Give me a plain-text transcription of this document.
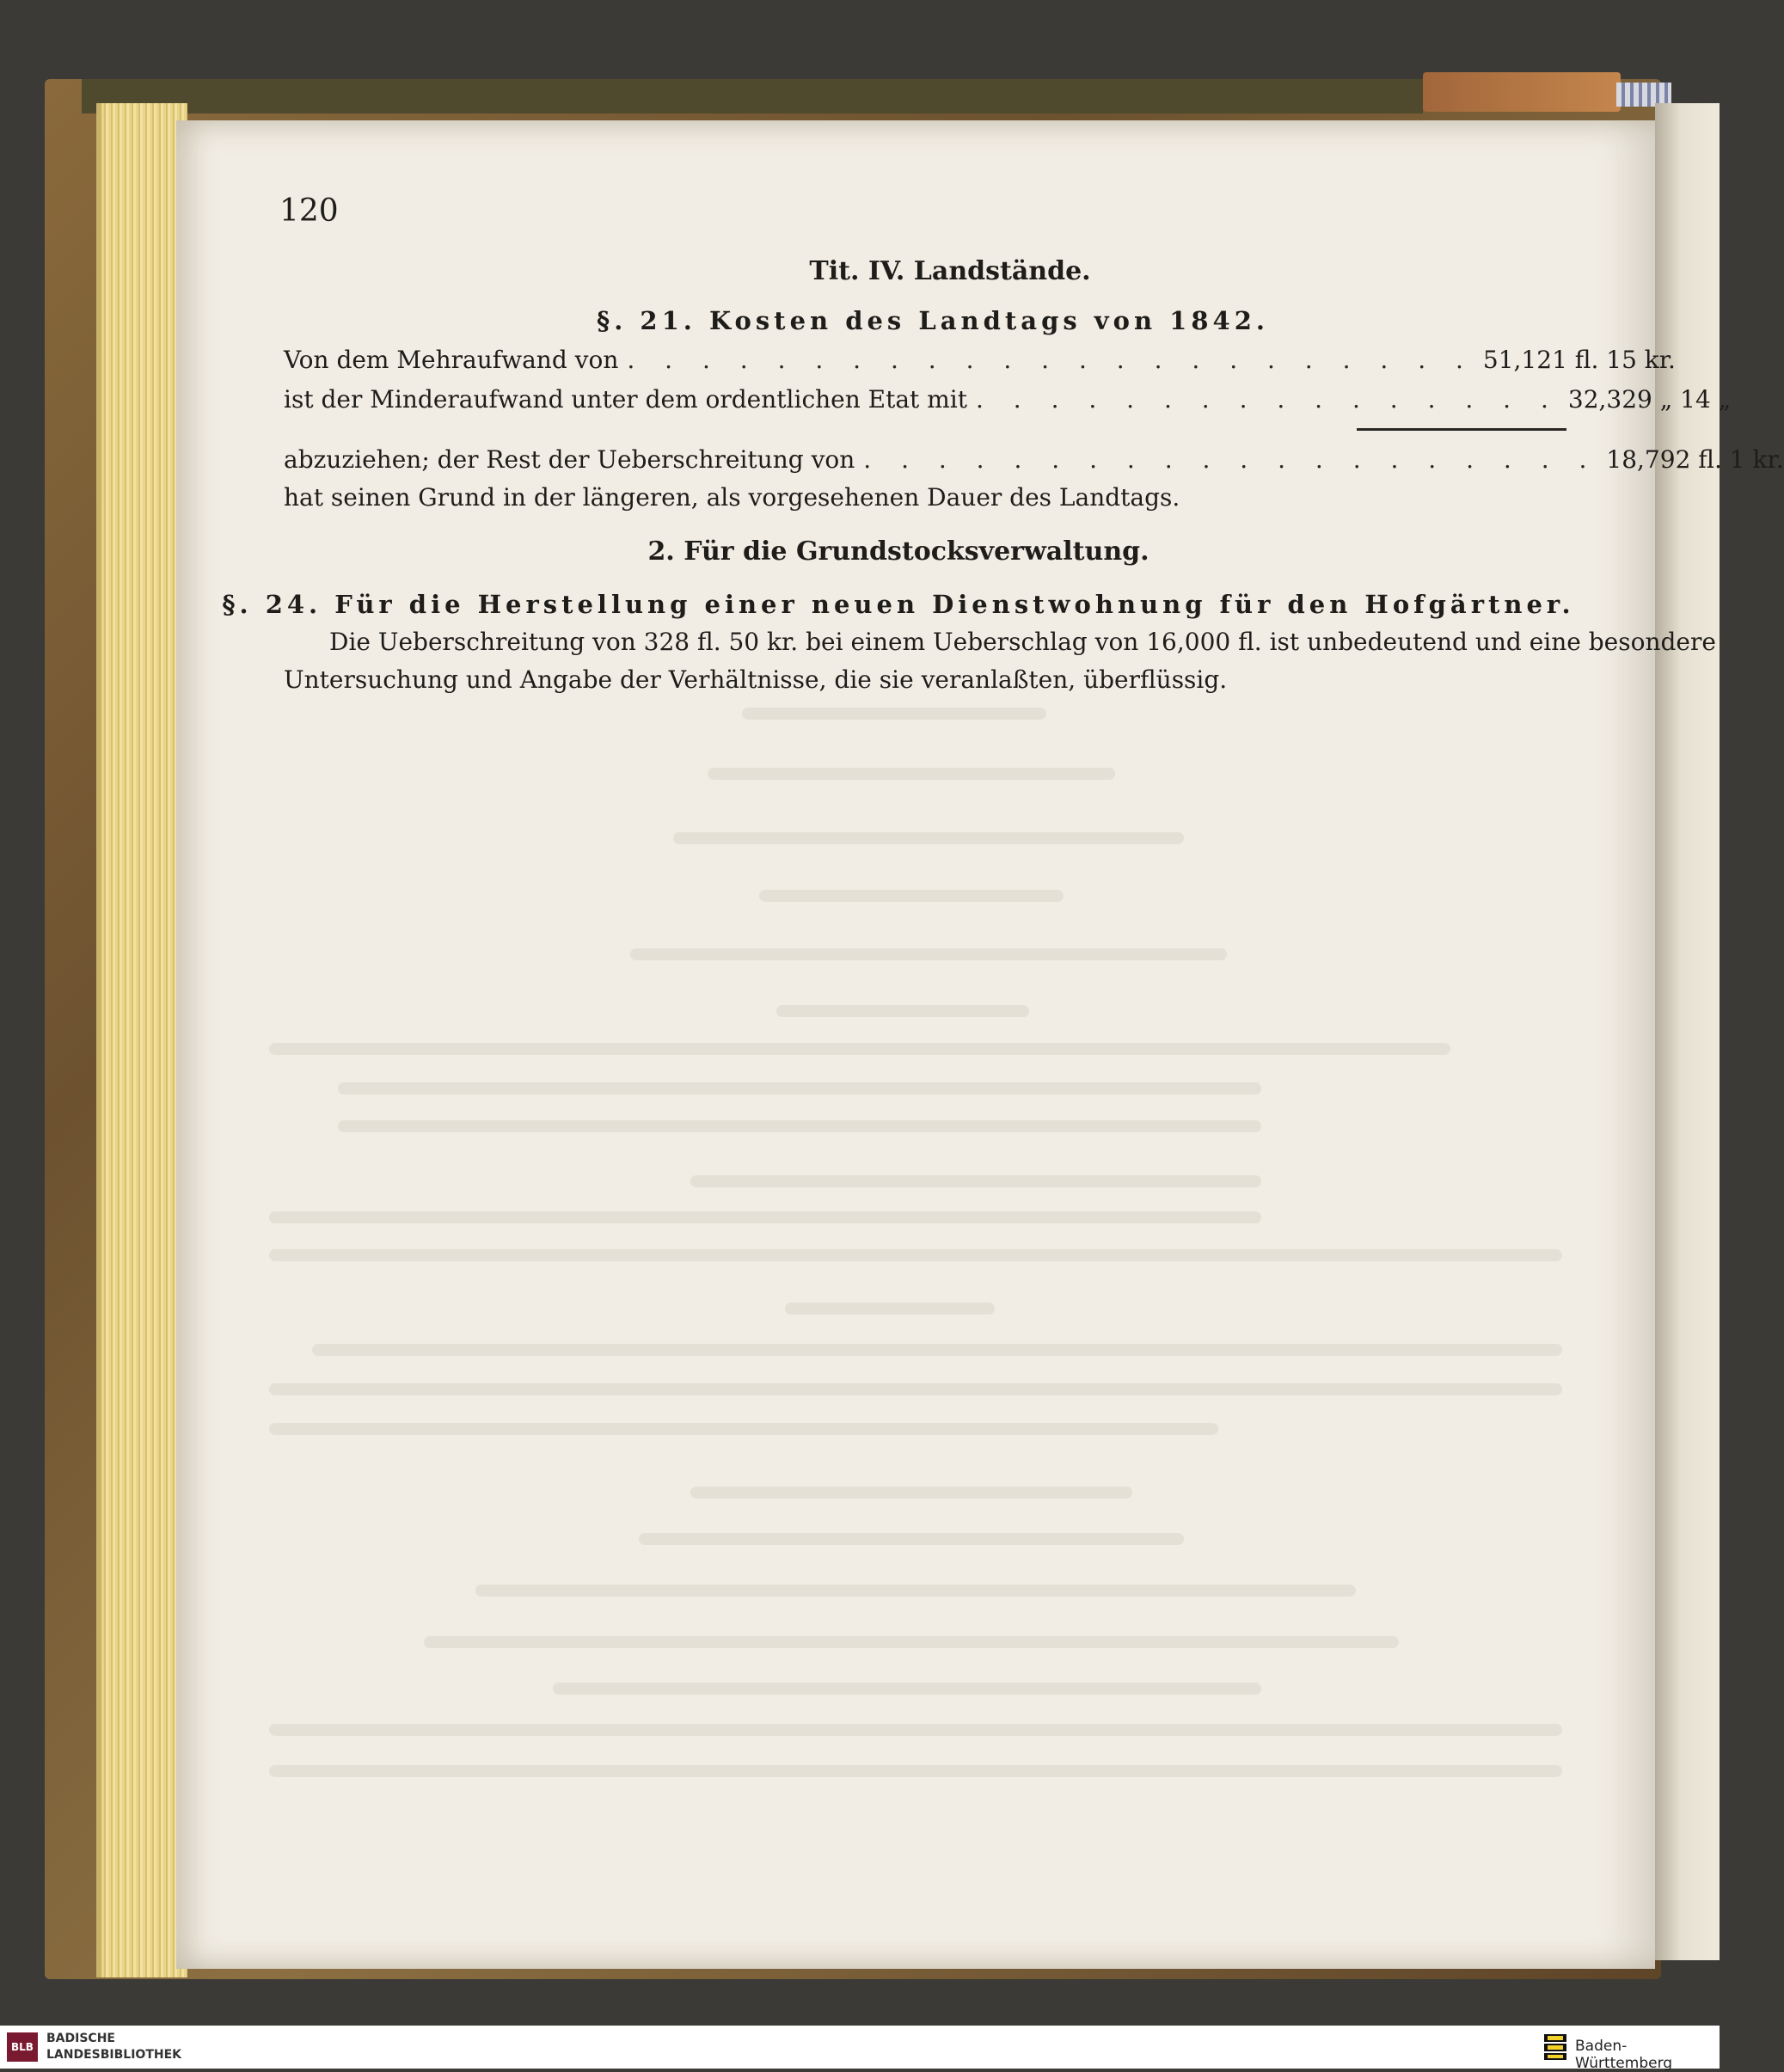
120
Tit. IV. Landstände.
§. 21. Kosten des Landtags von 1842.
Von dem Mehraufwand von . . . . . . . . . . . . . . . . . . . . . . . 51,121 fl. 15 kr.
ist der Minderaufwand unter dem ordentlichen Etat mit . . . . . . . . . . . . . . . . 32,329 „ 14 „
abzuziehen; der Rest der Ueberschreitung von . . . . . . . . . . . . . . . . . . . . 18,792 fl. 1 kr.
hat seinen Grund in der längeren, als vorgesehenen Dauer des Landtags.
2. Für die Grundstocksverwaltung.
§. 24. Für die Herstellung einer neuen Dienstwohnung für den Hofgärtner.
Die Ueberschreitung von 328 fl. 50 kr. bei einem Ueberschlag von 16,000 fl. ist unbedeutend und eine besondere
Untersuchung und Angabe der Verhältnisse, die sie veranlaßten, überflüssig.
BLB
BADISCHE
LANDESBIBLIOTHEK	Baden-Württemberg
